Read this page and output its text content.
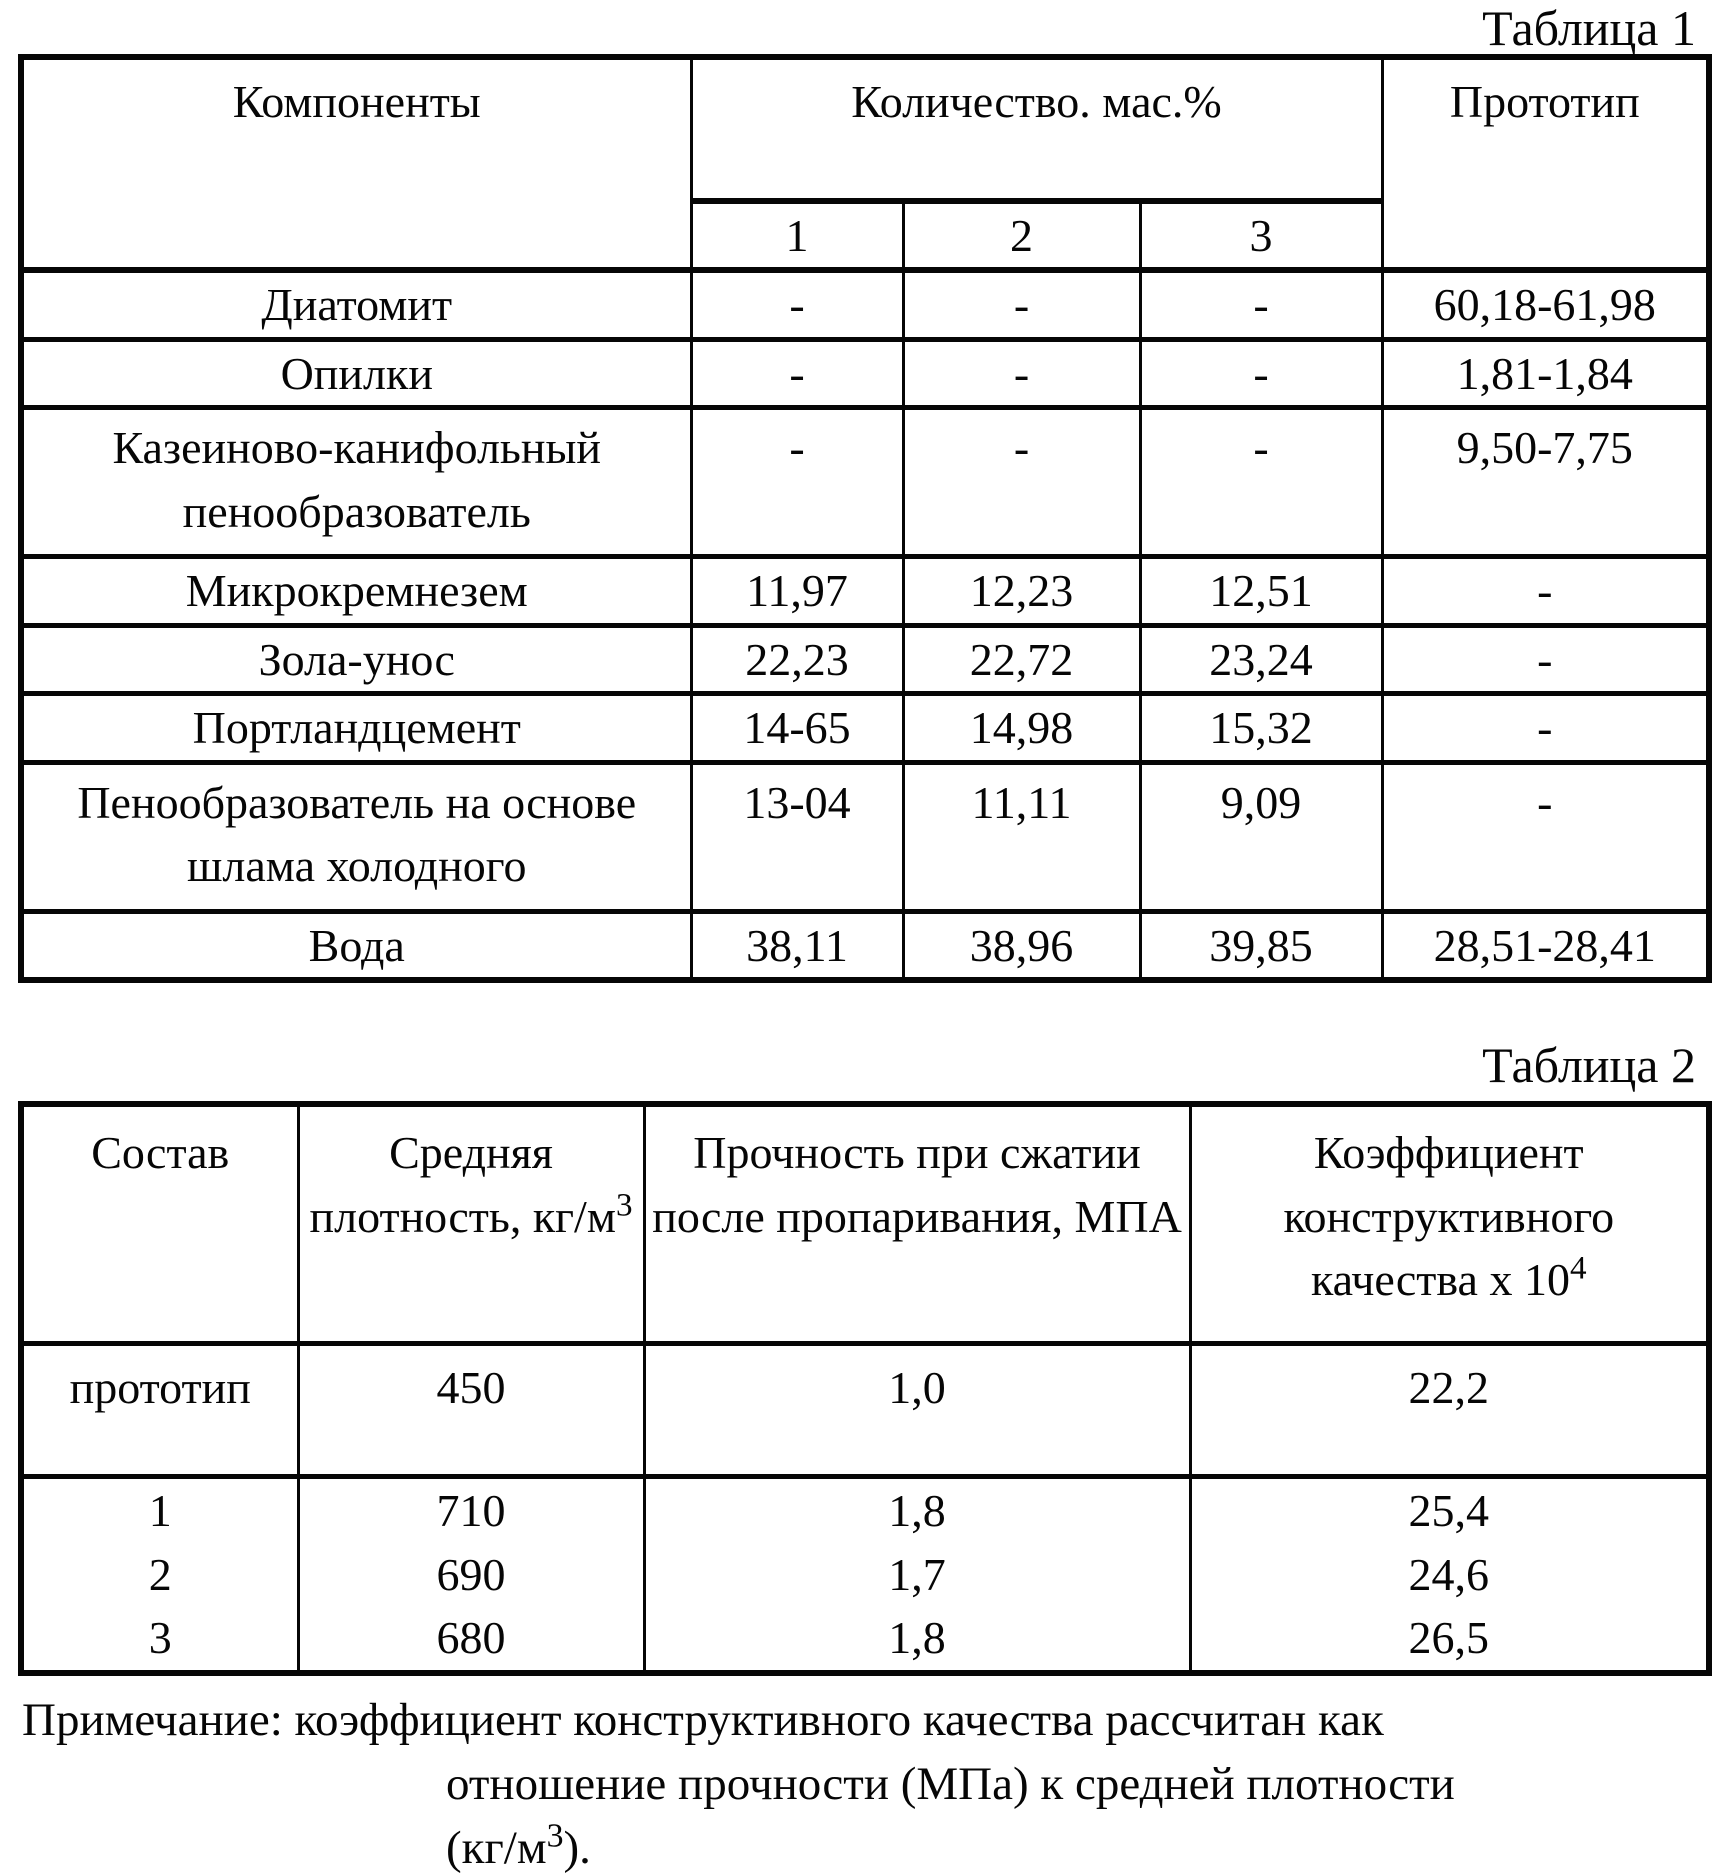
Таблица 1
Компоненты	Количество. мас.%			Прототип
	1	2	3	
Диатомит	-	-	-	60,18-61,98
Опилки	-	-	-	1,81-1,84
Казеиново-канифольный пенообразователь	-	-	-	9,50-7,75
Микрокремнезем	11,97	12,23	12,51	-
Зола-унос	22,23	22,72	23,24	-
Портландцемент	14-65	14,98	15,32	-
Пенообразователь на основе шлама холодного	13-04	11,11	9,09	-
Вода	38,11	38,96	39,85	28,51-28,41
Таблица 2
Состав	Средняя плотность, $кг/м^3$	Прочность при сжатии после пропаривания, МПА	Коэффициент конструктивного качества x $10^4$
прототип	450	1,0	22,2
1	710	1,8	25,4
2	690	1,7	24,6
3	680	1,8	26,5
Примечание: коэффициент конструктивного качества рассчитан как
отношение прочности (МПа) к средней плотности
$(кг/м^3)$.
